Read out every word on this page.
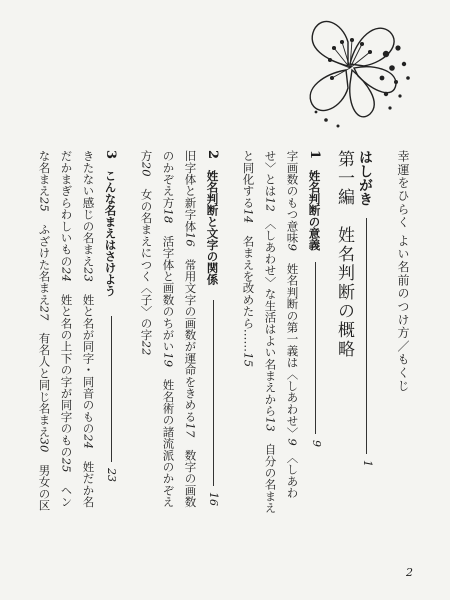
幸運をひらく よい名前のつけ方／もくじ
はしがき
1
第一編　姓名判断の概略
1
姓名判断の意義
9
字画数のもつ意味9　姓名判断の第一義は〈しあわせ〉9　〈しあわ
せ〉とは12　〈しあわせ〉な生活はよい名まえから13　自分の名まえ
と同化する14　名まえを改めたら……15
2
姓名判断と文字の関係
16
旧字体と新字体16　常用文字の画数が運命をきめる17　数字の画数
のかぞえ方18　活字体と画数のちがい19　姓名術の諸流派のかぞえ
方20　女の名まえにつく〈子〉の字22
3
こんな名まえはさけよう
23
きたない感じの名まえ23　姓と名が同字・同音のもの24　姓だか名
だかまぎらわしいもの24　姓と名の上下の字が同字のもの25　ヘン
な名まえ25　ふざけた名まえ27　有名人と同じ名まえ30　男女の区
2
